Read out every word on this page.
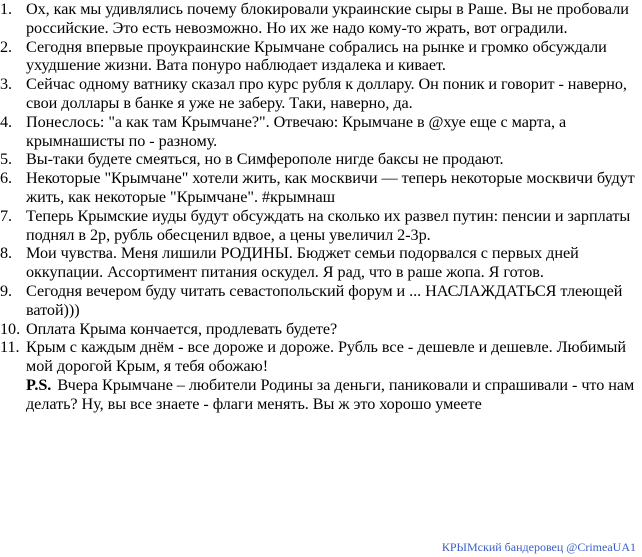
1. Ох, как мы удивлялись почему блокировали украинские сыры в Раше. Вы не пробовали российские. Это есть невозможно. Но их же надо кому-то жрать, вот оградили.
2. Сегодня впервые проукраинские Крымчане собрались на рынке и громко обсуждали ухудшение жизни. Вата понуро наблюдает издалека и кивает.
3. Сейчас одному ватнику сказал про курс рубля к доллару. Он поник и говорит - наверно, свои доллары в банке я уже не заберу. Таки, наверно, да.
4. Понеслось: "а как там Крымчане?". Отвечаю: Крымчане в @хуе еще с марта, а крымнашисты по - разному.
5. Вы-таки будете смеяться, но в Симферополе нигде баксы не продают.
6. Некоторые "Крымчане" хотели жить, как москвичи — теперь некоторые москвичи будут жить, как некоторые "Крымчане". #крымнаш
7. Теперь Крымские иуды будут обсуждать на сколько их развел путин: пенсии и зарплаты поднял в 2р, рубль обесценил вдвое, а цены увеличил 2-3р.
8. Мои чувства. Меня лишили РОДИНЫ. Бюджет семьи подорвался с первых дней оккупации. Ассортимент питания оскудел. Я рад, что в раше жопа. Я готов.
9. Сегодня вечером буду читать севастопольский форум и ... НАСЛАЖДАТЬСЯ тлеющей ватой)))
10. Оплата Крыма кончается, продлевать будете?
11. Крым с каждым днём - все дороже и дороже. Рубль все - дешевле и дешевле. Любимый мой дорогой Крым, я тебя обожаю!
P.S. Вчера Крымчане – любители Родины за деньги, паниковали и спрашивали - что нам делать? Ну, вы все знаете - флаги менять. Вы ж это хорошо умеете
КРЫМский бандеровец @CrimeaUA1
